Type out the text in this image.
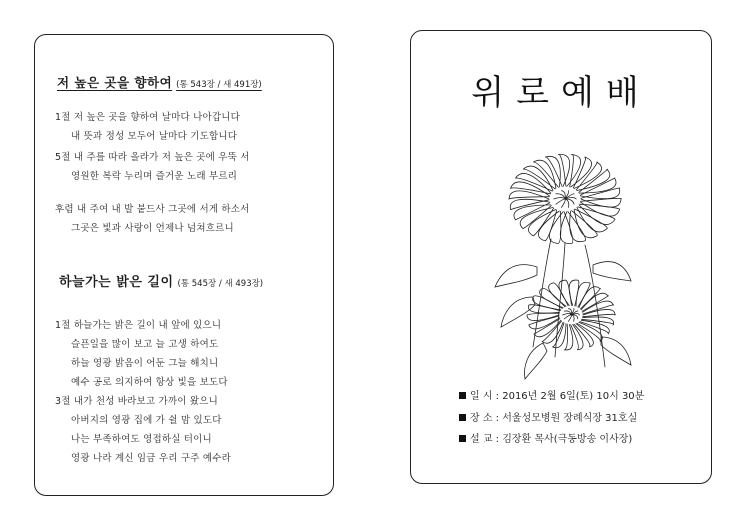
저 높은 곳을 향하여 (통 543장 / 새 491장)
1절 저 높은 곳을 향하여 날마다 나아갑니다
내 뜻과 정성 모두어 날마다 기도합니다
5절 내 주를 따라 올라가 저 높은 곳에 우뚝 서
영원한 복락 누리며 즐거운 노래 부르리
후렴 내 주여 내 발 붙드사 그곳에 서게 하소서
그곳은 빛과 사랑이 언제나 넘쳐흐르니
하늘가는 밝은 길이 (통 545장 / 새 493장)
1절 하늘가는 밝은 길이 내 앞에 있으니
슬픈일을 많이 보고 늘 고생 하여도
하늘 영광 밝음이 어둔 그늘 해치니
예수 공로 의지하여 항상 빛을 보도다
3절 내가 천성 바라보고 가까이 왔으니
아버지의 영광 집에 가 쉴 맘 있도다
나는 부족하여도 영접하실 터이니
영광 나라 계신 임금 우리 구주 예수라
위로예배
일 시 : 2016년 2월 6일(토) 10시 30분
장 소 : 서울성모병원 장례식장 31호실
설 교 : 김장환 목사(극동방송 이사장)
